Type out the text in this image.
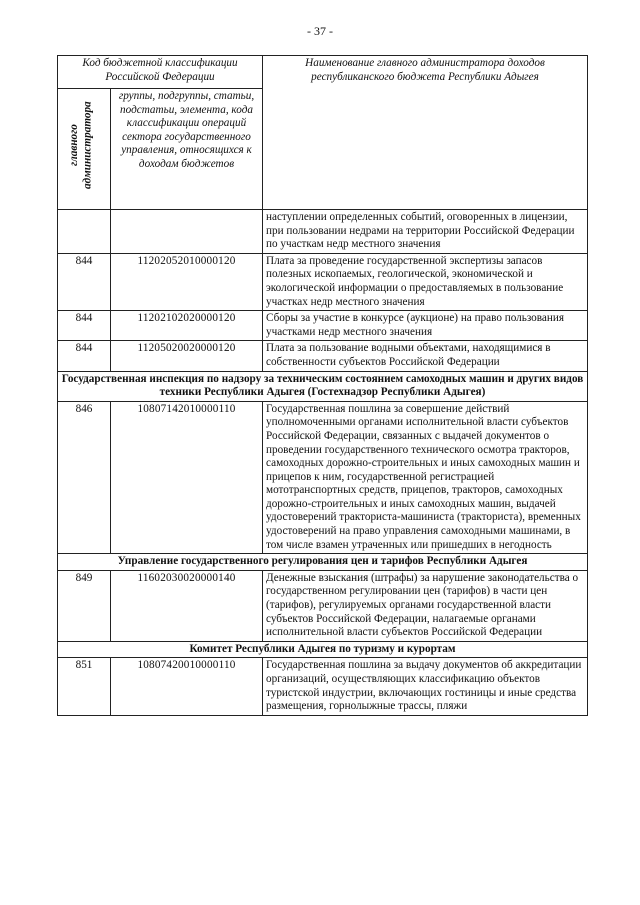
- 37 -
Код бюджетной классификации Российской Федерации		Наименование главного администратора доходов республиканского бюджета Республики Адыгея
главного администратора	группы, подгруппы, статьи, подстатьи, элемента, кода классификации операций сектора государственного управления, относящихся к доходам бюджетов	
		наступлении определенных событий, оговоренных в лицензии, при пользовании недрами на территории Российской Федерации по участкам недр местного значения
844	11202052010000120	Плата за проведение государственной экспертизы запасов полезных ископаемых, геологической, экономической и экологической информации о предоставляемых в пользование участках недр местного значения
844	11202102020000120	Сборы за участие в конкурсе (аукционе) на право пользования участками недр местного значения
844	11205020020000120	Плата за пользование водными объектами, находящимися в собственности субъектов Российской Федерации
Государственная инспекция по надзору за техническим состоянием самоходных машин и других видов техники Республики Адыгея (Гостехнадзор Республики Адыгея)		
846	10807142010000110	Государственная пошлина за совершение действий уполномоченными органами исполнительной власти субъектов Российской Федерации, связанных с выдачей документов о проведении государственного технического осмотра тракторов, самоходных дорожно-строительных и иных самоходных машин и прицепов к ним, государственной регистрацией мототранспортных средств, прицепов, тракторов, самоходных дорожно-строительных и иных самоходных машин, выдачей удостоверений тракториста-машиниста (тракториста), временных удостоверений на право управления самоходными машинами, в том числе взамен утраченных или пришедших в негодность
Управление государственного регулирования цен и тарифов Республики Адыгея		
849	11602030020000140	Денежные взыскания (штрафы) за нарушение законодательства о государственном регулировании цен (тарифов) в части цен (тарифов), регулируемых органами государственной власти субъектов Российской Федерации, налагаемые органами исполнительной власти субъектов Российской Федерации
Комитет Республики Адыгея по туризму и курортам		
851	10807420010000110	Государственная пошлина за выдачу документов об аккредитации организаций, осуществляющих классификацию объектов туристской индустрии, включающих гостиницы и иные средства размещения, горнолыжные трассы, пляжи
